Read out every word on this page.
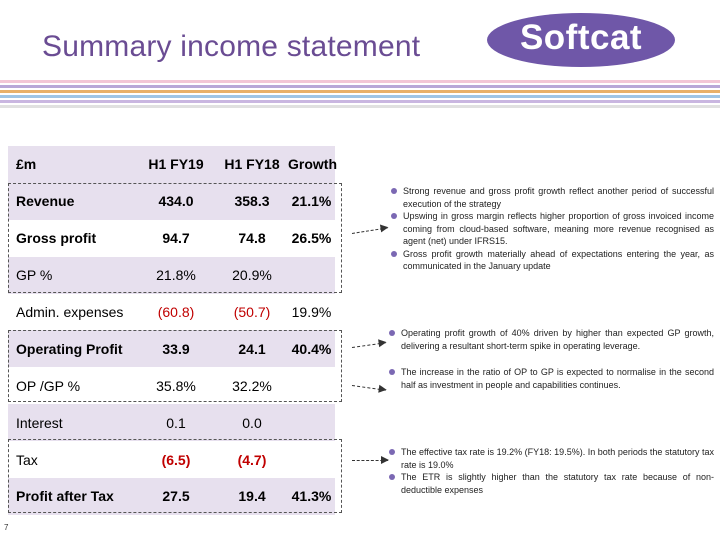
Summary income statement	Softcat
£m	H1 FY19	H1 FY18	Growth
Revenue	434.0	358.3	21.1%
Gross profit	94.7	74.8	26.5%
GP %	21.8%	20.9%	
Admin. expenses	(60.8)	(50.7)	19.9%
Operating Profit	33.9	24.1	40.4%
OP /GP %	35.8%	32.2%	
Interest	0.1	0.0	
Tax	(6.5)	(4.7)	
Profit after Tax	27.5	19.4	41.3%
Strong revenue and gross profit growth reflect another period of successful execution of the strategy
Upswing in gross margin reflects higher proportion of gross invoiced income coming from cloud-based software, meaning more revenue recognised as agent (net) under IFRS15.
Gross profit growth materially ahead of expectations entering the year, as communicated in the January update
Operating profit growth of 40% driven by higher than expected GP growth, delivering a resultant short-term spike in operating leverage.
The increase in the ratio of OP to GP is expected to normalise in the second half as investment in people and capabilities continues.
The effective tax rate is 19.2% (FY18: 19.5%). In both periods the statutory tax rate is 19.0%
The ETR is slightly higher than the statutory tax rate because of non-deductible expenses
7
